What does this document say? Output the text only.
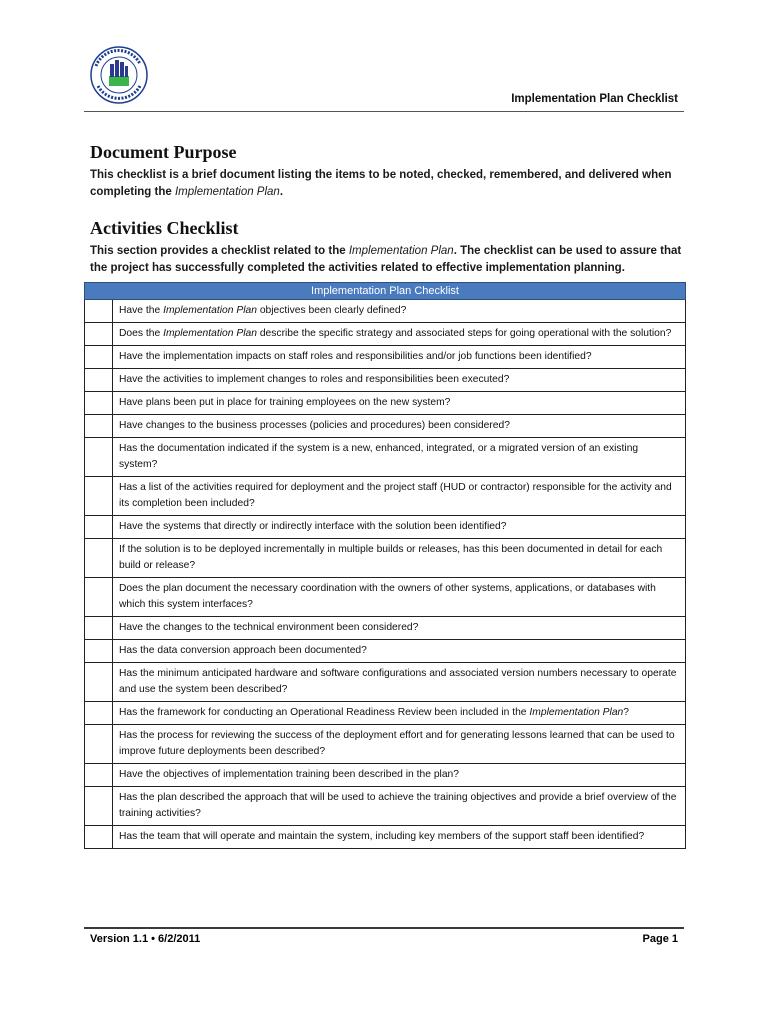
Implementation Plan Checklist
Document Purpose
This checklist is a brief document listing the items to be noted, checked, remembered, and delivered when completing the Implementation Plan.
Activities Checklist
This section provides a checklist related to the Implementation Plan. The checklist can be used to assure that the project has successfully completed the activities related to effective implementation planning.
Implementation Plan Checklist	
	Have the Implementation Plan objectives been clearly defined?
	Does the Implementation Plan describe the specific strategy and associated steps for going operational with the solution?
	Have the implementation impacts on staff roles and responsibilities and/or job functions been identified?
	Have the activities to implement changes to roles and responsibilities been executed?
	Have plans been put in place for training employees on the new system?
	Have changes to the business processes (policies and procedures) been considered?
	Has the documentation indicated if the system is a new, enhanced, integrated, or a migrated version of an existing system?
	Has a list of the activities required for deployment and the project staff (HUD or contractor) responsible for the activity and its completion been included?
	Have the systems that directly or indirectly interface with the solution been identified?
	If the solution is to be deployed incrementally in multiple builds or releases, has this been documented in detail for each build or release?
	Does the plan document the necessary coordination with the owners of other systems, applications, or databases with which this system interfaces?
	Have the changes to the technical environment been considered?
	Has the data conversion approach been documented?
	Has the minimum anticipated hardware and software configurations and associated version numbers necessary to operate and use the system been described?
	Has the framework for conducting an Operational Readiness Review been included in the Implementation Plan?
	Has the process for reviewing the success of the deployment effort and for generating lessons learned that can be used to improve future deployments been described?
	Have the objectives of implementation training been described in the plan?
	Has the plan described the approach that will be used to achieve the training objectives and provide a brief overview of the training activities?
	Has the team that will operate and maintain the system, including key members of the support staff been identified?
Version 1.1 • 6/2/2011	Page 1
